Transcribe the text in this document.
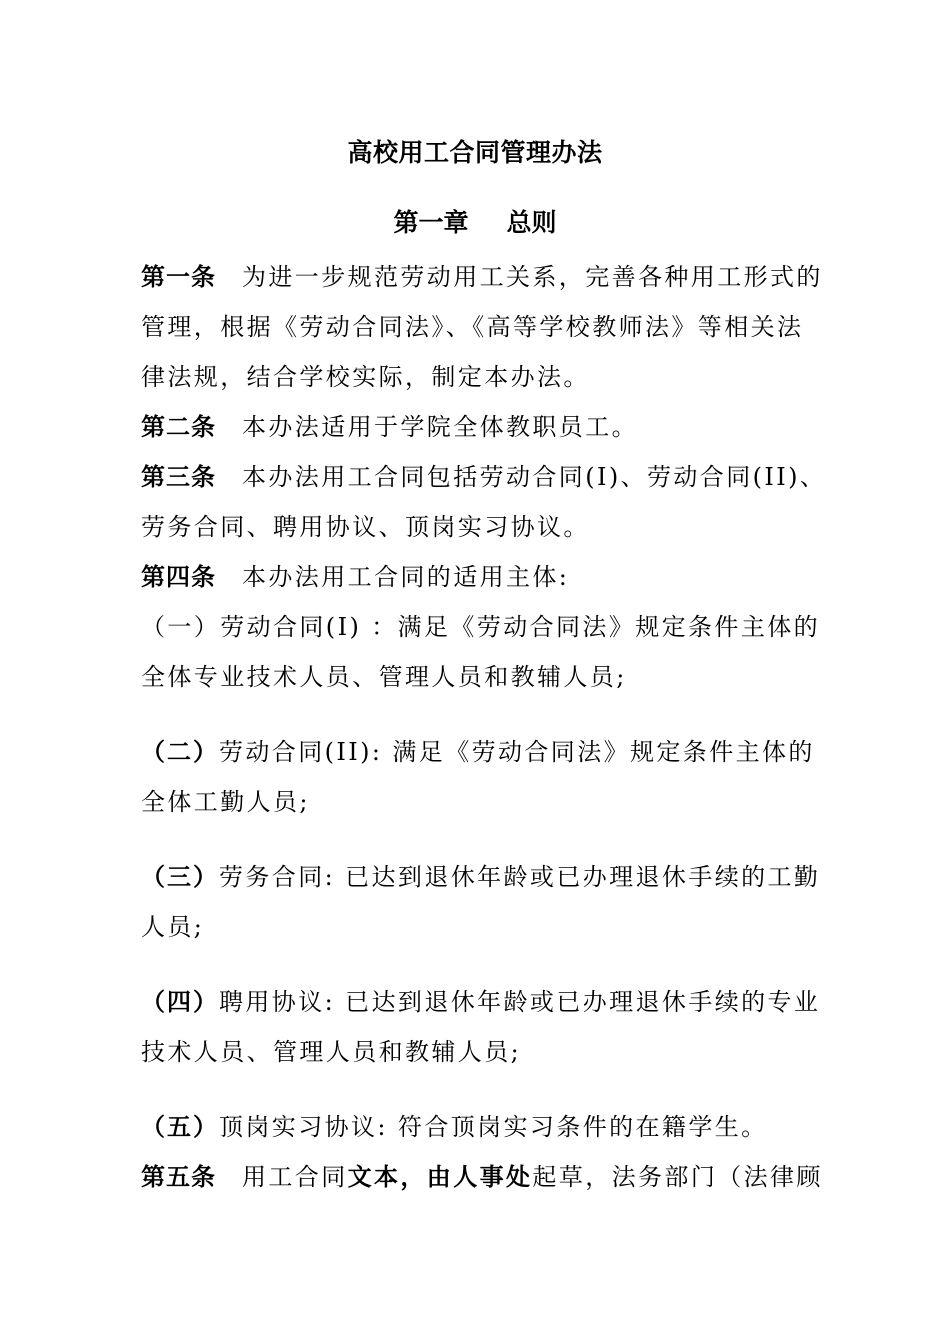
高校用工合同管理办法
第一章 总则
第一条 为进一步规范劳动用工关系，完善各种用工形式的
管理，根据《劳动合同法》、《高等学校教师法》等相关法
律法规，结合学校实际，制定本办法。
第二条 本办法适用于学院全体教职员工。
第三条 本办法用工合同包括劳动合同(I)、劳动合同(II)、
劳务合同、聘用协议、顶岗实习协议。
第四条 本办法用工合同的适用主体:
（一）劳动合同(I) ：满足《劳动合同法》规定条件主体的
全体专业技术人员、管理人员和教辅人员;
（二）劳动合同(II): 满足《劳动合同法》规定条件主体的
全体工勤人员;
（三）劳务合同: 已达到退休年龄或已办理退休手续的工勤
人员;
（四）聘用协议: 已达到退休年龄或已办理退休手续的专业
技术人员、管理人员和教辅人员;
（五）顶岗实习协议: 符合顶岗实习条件的在籍学生。
第五条 用工合同文本，由人事处起草，法务部门（法律顾
